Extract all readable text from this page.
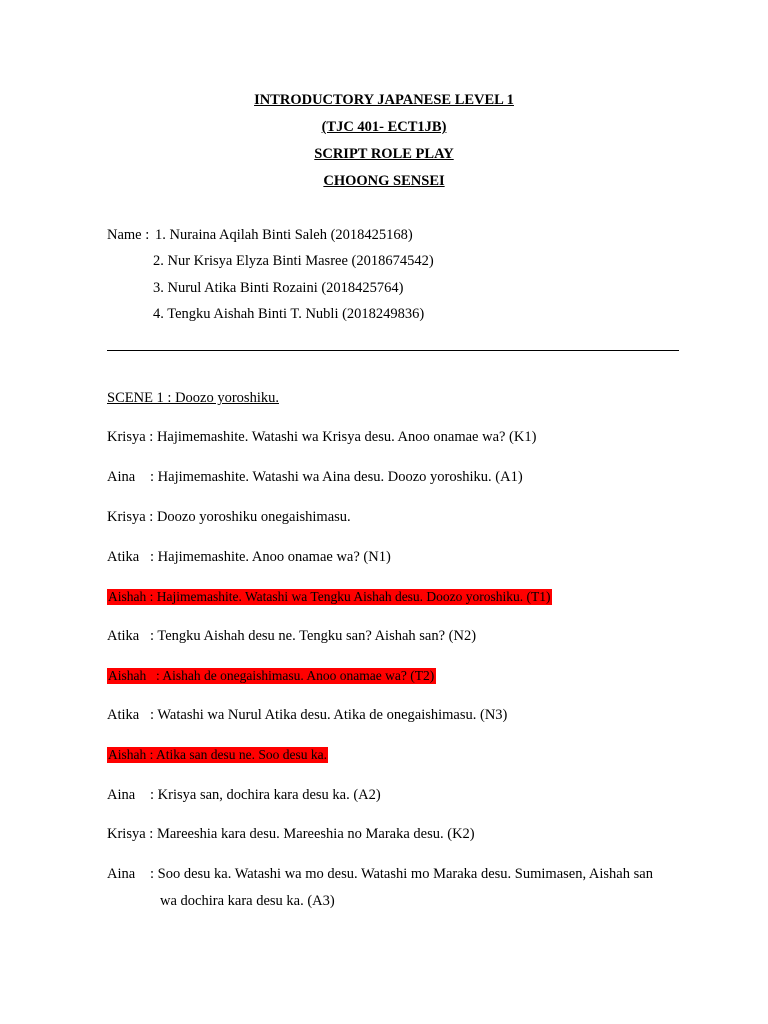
INTRODUCTORY JAPANESE LEVEL 1
(TJC 401- ECT1JB)
SCRIPT ROLE PLAY
CHOONG SENSEI
Name : 1. Nuraina Aqilah Binti Saleh (2018425168)
2. Nur Krisya Elyza Binti Masree (2018674542)
3. Nurul Atika Binti Rozaini (2018425764)
4. Tengku Aishah Binti T. Nubli (2018249836)
SCENE 1 : Doozo yoroshiku.
Krisya : Hajimemashite. Watashi wa Krisya desu. Anoo onamae wa? (K1)
Aina : Hajimemashite. Watashi wa Aina desu. Doozo yoroshiku. (A1)
Krisya : Doozo yoroshiku onegaishimasu.
Atika : Hajimemashite. Anoo onamae wa? (N1)
Aishah : Hajimemashite. Watashi wa Tengku Aishah desu. Doozo yoroshiku. (T1)
Atika : Tengku Aishah desu ne. Tengku san? Aishah san? (N2)
Aishah : Aishah de onegaishimasu. Anoo onamae wa? (T2)
Atika : Watashi wa Nurul Atika desu. Atika de onegaishimasu. (N3)
Aishah : Atika san desu ne. Soo desu ka.
Aina : Krisya san, dochira kara desu ka. (A2)
Krisya : Mareeshia kara desu. Mareeshia no Maraka desu. (K2)
Aina : Soo desu ka. Watashi wa mo desu. Watashi mo Maraka desu. Sumimasen, Aishah san
wa dochira kara desu ka. (A3)
